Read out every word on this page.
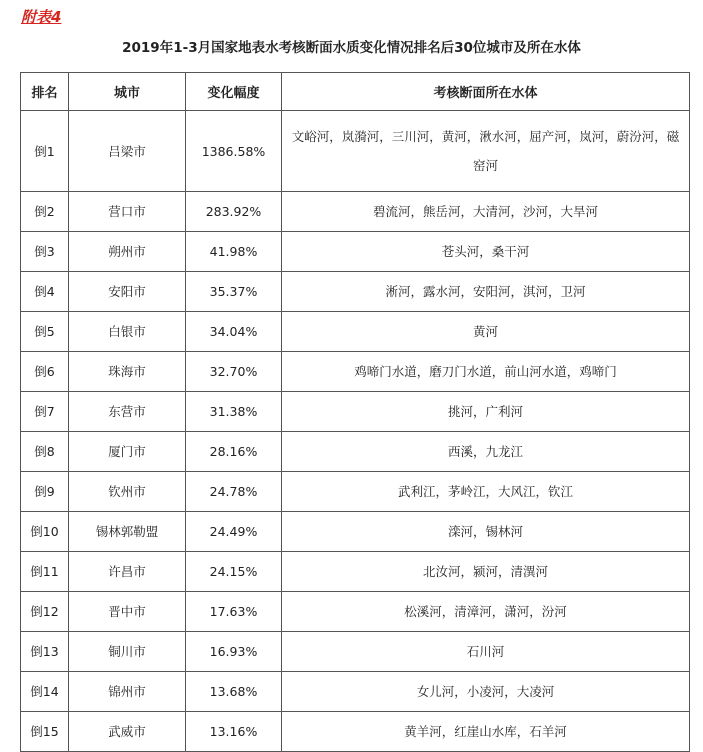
附表4
2019年1-3月国家地表水考核断面水质变化情况排名后30位城市及所在水体
排名	城市	变化幅度	考核断面所在水体
倒1	吕梁市	1386.58%	文峪河，岚漪河，三川河，黄河，湫水河，屈产河，岚河，蔚汾河，磁窑河
倒2	营口市	283.92%	碧流河，熊岳河，大清河，沙河，大旱河
倒3	朔州市	41.98%	苍头河，桑干河
倒4	安阳市	35.37%	淅河，露水河，安阳河，淇河，卫河
倒5	白银市	34.04%	黄河
倒6	珠海市	32.70%	鸡啼门水道，磨刀门水道，前山河水道，鸡啼门
倒7	东营市	31.38%	挑河，广利河
倒8	厦门市	28.16%	西溪，九龙江
倒9	钦州市	24.78%	武利江，茅岭江，大风江，钦江
倒10	锡林郭勒盟	24.49%	滦河，锡林河
倒11	许昌市	24.15%	北汝河，颍河，清潩河
倒12	晋中市	17.63%	松溪河，清漳河，潇河，汾河
倒13	铜川市	16.93%	石川河
倒14	锦州市	13.68%	女儿河，小凌河，大凌河
倒15	武威市	13.16%	黄羊河，红崖山水库，石羊河
